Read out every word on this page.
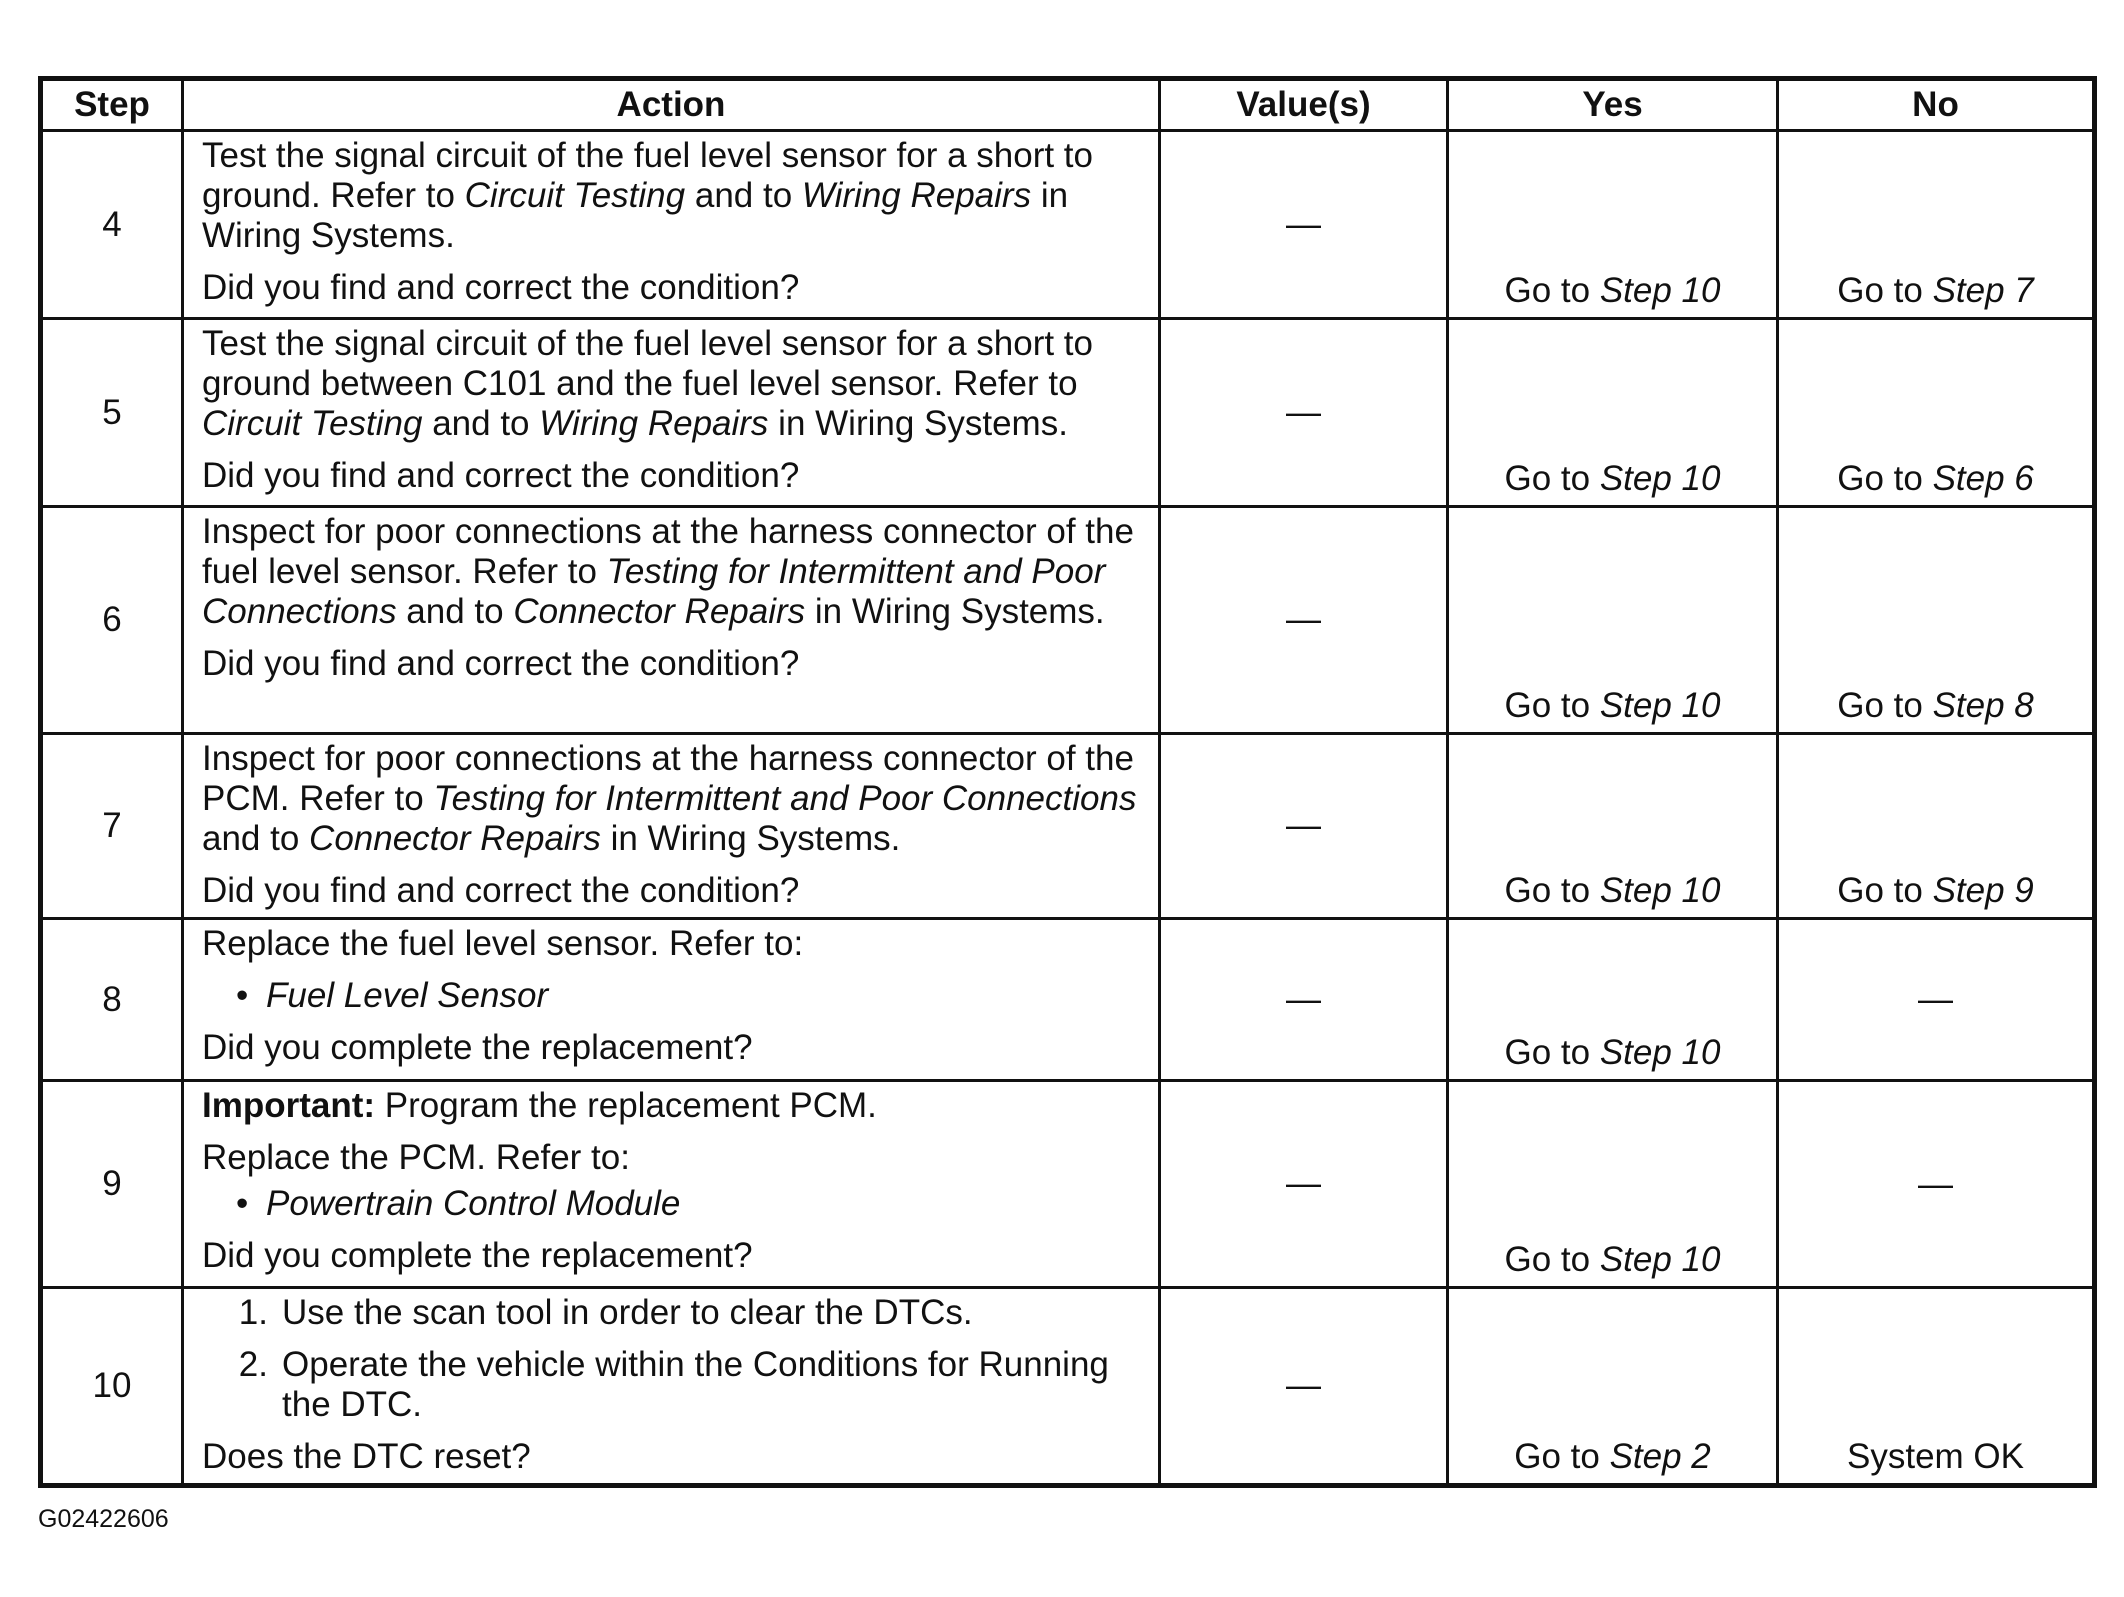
Step	Action	Value(s)	Yes	No
4	Test the signal circuit of the fuel level sensor for a short to ground. Refer to Circuit Testing and to Wiring Repairs in Wiring Systems.
Did you find and correct the condition?	—	Go to Step 10	Go to Step 7
5	Test the signal circuit of the fuel level sensor for a short to ground between C101 and the fuel level sensor. Refer to Circuit Testing and to Wiring Repairs in Wiring Systems.
Did you find and correct the condition?	—	Go to Step 10	Go to Step 6
6	Inspect for poor connections at the harness connector of the fuel level sensor. Refer to Testing for Intermittent and Poor Connections and to Connector Repairs in Wiring Systems.
Did you find and correct the condition?	—	Go to Step 10	Go to Step 8
7	Inspect for poor connections at the harness connector of the PCM. Refer to Testing for Intermittent and Poor Connections and to Connector Repairs in Wiring Systems.
Did you find and correct the condition?	—	Go to Step 10	Go to Step 9
8	Replace the fuel level sensor. Refer to:
• Fuel Level Sensor
Did you complete the replacement?	—	Go to Step 10	—
9	Important: Program the replacement PCM.
Replace the PCM. Refer to:
• Powertrain Control Module
Did you complete the replacement?	—	Go to Step 10	—
10	1. Use the scan tool in order to clear the DTCs.
2. Operate the vehicle within the Conditions for Running the DTC.
Does the DTC reset?	—	Go to Step 2	System OK
G02422606
